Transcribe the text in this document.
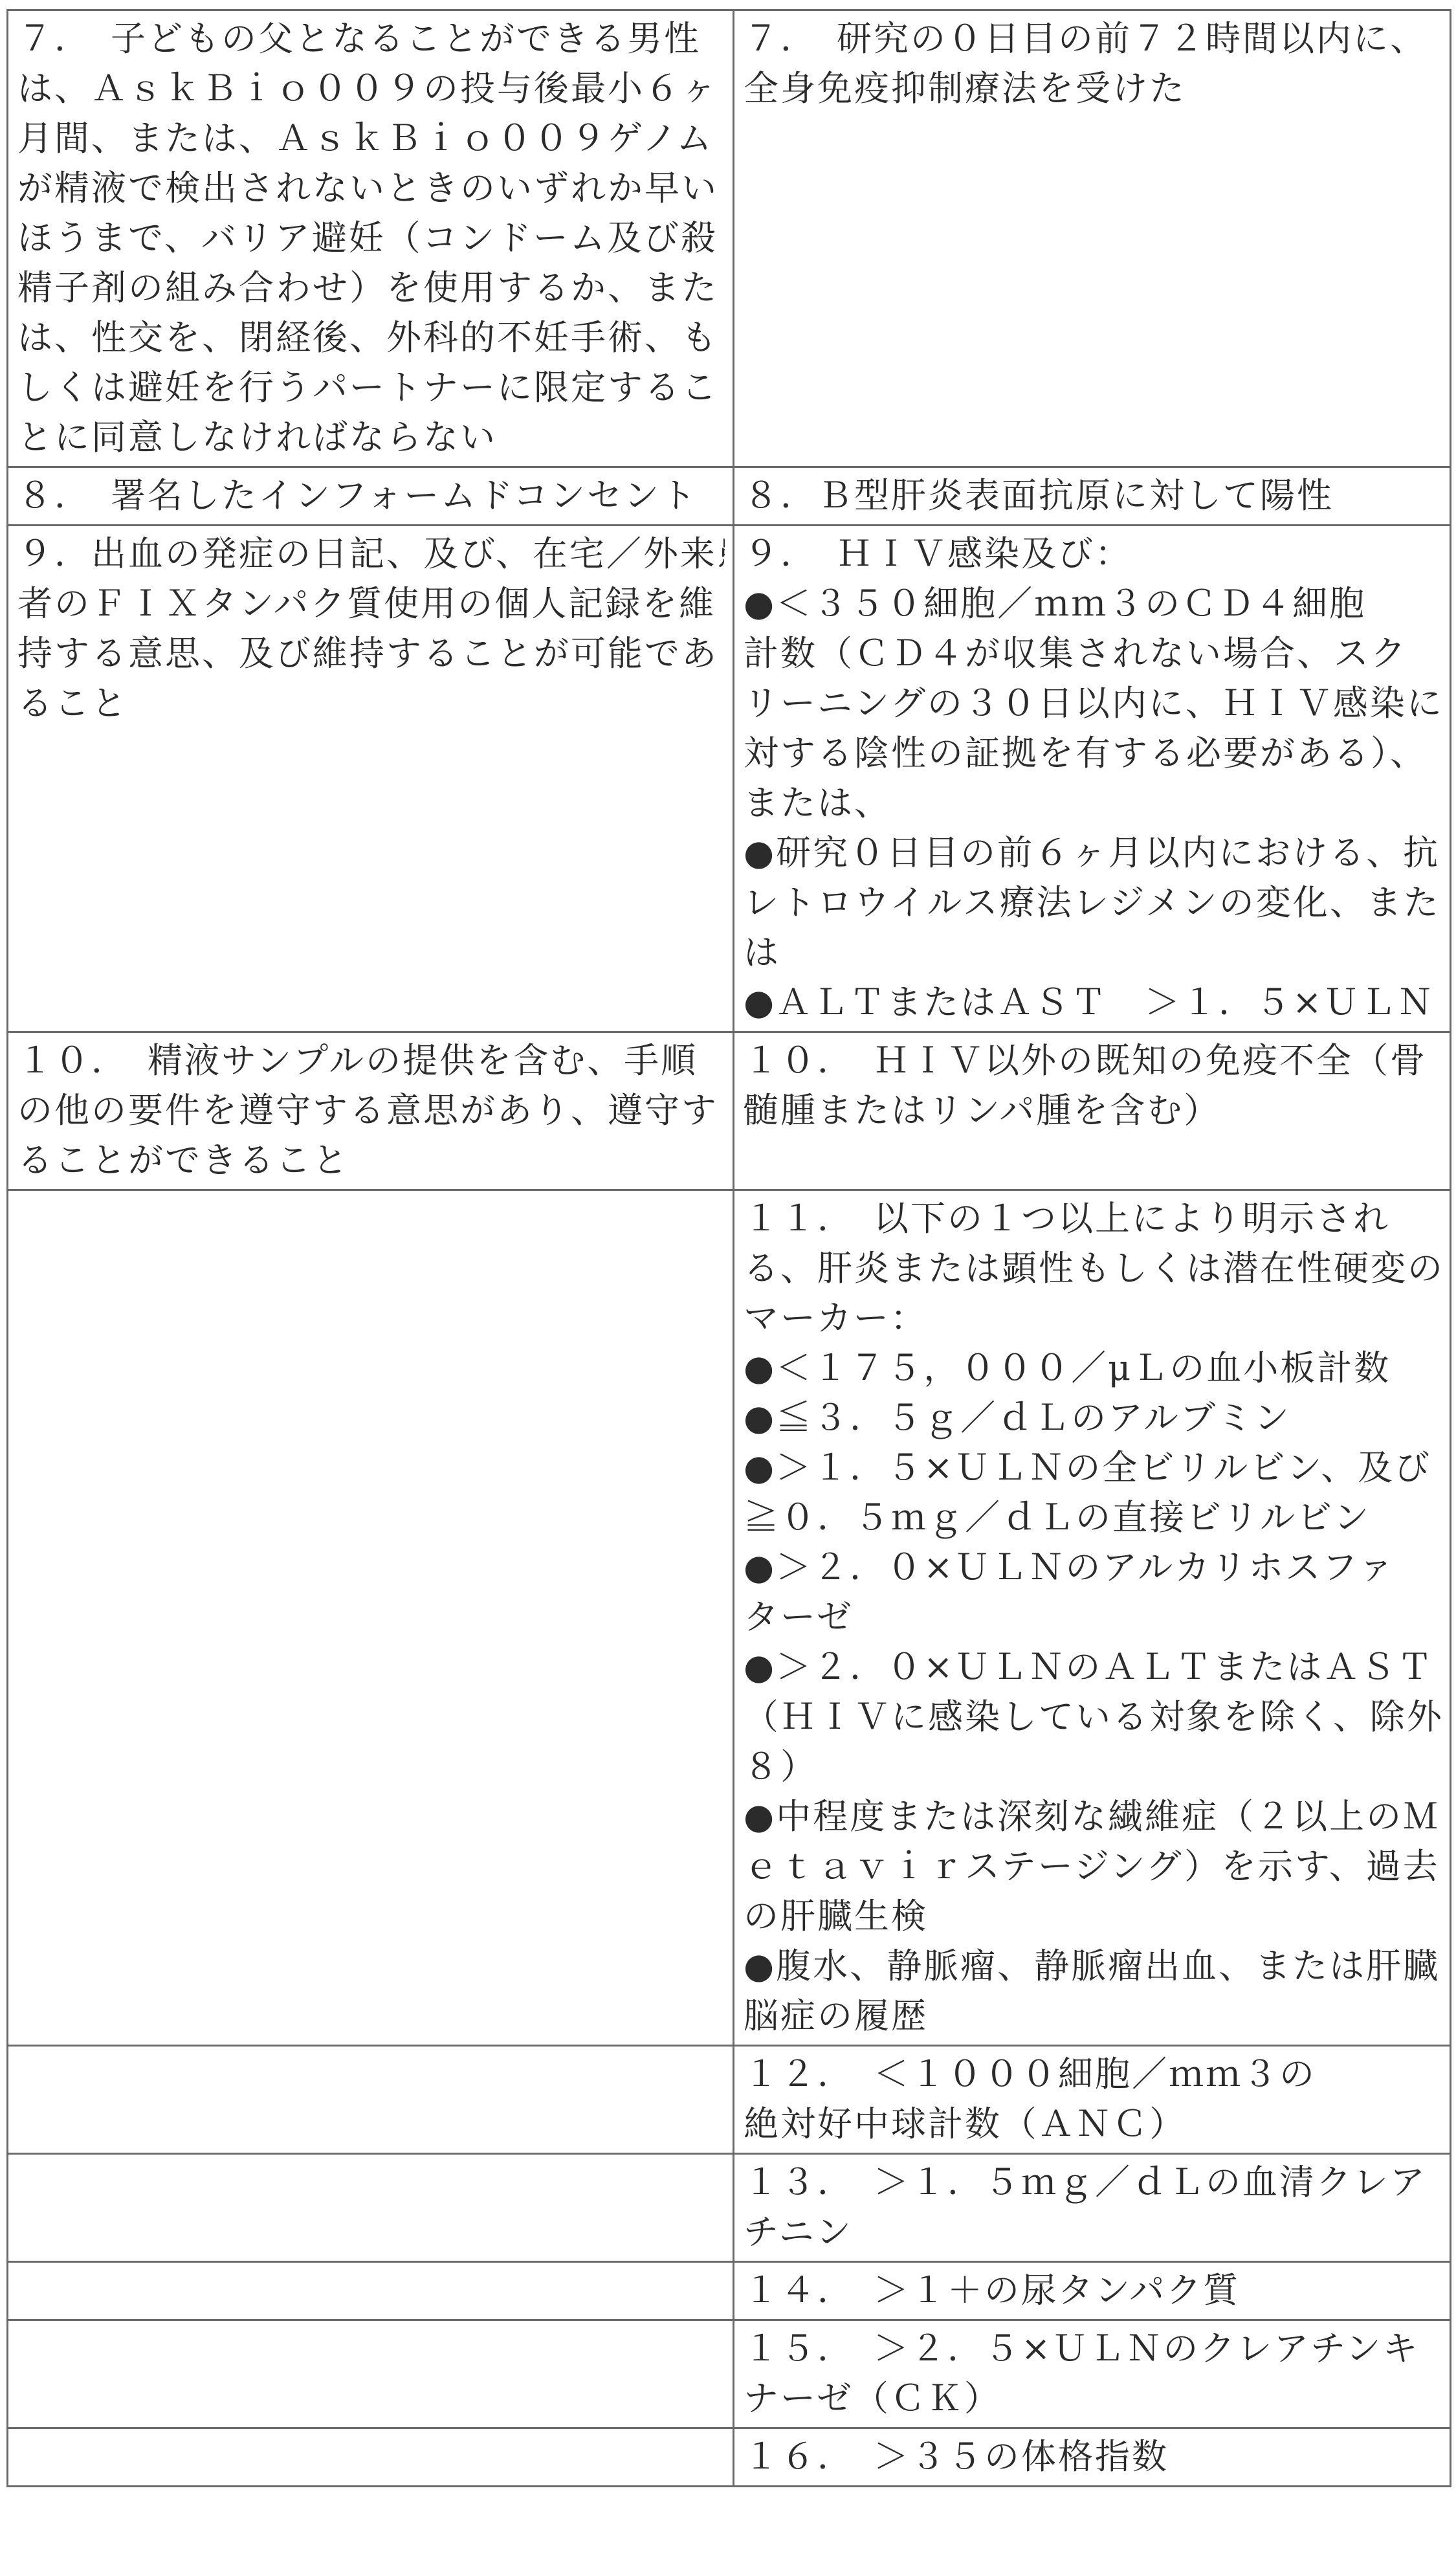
７．　子どもの父となることができる男性
は、ＡｓｋＢｉｏ００９の投与後最小６ヶ
月間、または、ＡｓｋＢｉｏ００９ゲノム
が精液で検出されないときのいずれか早い
ほうまで、バリア避妊（コンドーム及び殺
精子剤の組み合わせ）を使用するか、また
は、性交を、閉経後、外科的不妊手術、も
しくは避妊を行うパートナーに限定するこ
とに同意しなければならない

７．　研究の０日目の前７２時間以内に、
全身免疫抑制療法を受けた

８．　署名したインフォームドコンセント	８．Ｂ型肝炎表面抗原に対して陽性

９．出血の発症の日記、及び、在宅／外来患
者のＦＩＸタンパク質使用の個人記録を維
持する意思、及び維持することが可能であ
ること

９．　ＨＩＶ感染及び：
●＜３５０細胞／ｍｍ３のＣＤ４細胞
計数（ＣＤ４が収集されない場合、スク
リーニングの３０日以内に、ＨＩＶ感染に
対する陰性の証拠を有する必要がある）、
または、
●研究０日目の前６ヶ月以内における、抗
レトロウイルス療法レジメンの変化、また
は
●ＡＬＴまたはＡＳＴ　＞１．５×ＵＬＮ

１０．　精液サンプルの提供を含む、手順
の他の要件を遵守する意思があり、遵守す
ることができること

１０．　ＨＩＶ以外の既知の免疫不全（骨
髄腫またはリンパ腫を含む）

１１．　以下の１つ以上により明示され
る、肝炎または顕性もしくは潜在性硬変の
マーカー：
●＜１７５，０００／μＬの血小板計数
●≦３．５ｇ／ｄＬのアルブミン
●＞１．５×ＵＬＮの全ビリルビン、及び
≧０．５ｍｇ／ｄＬの直接ビリルビン
●＞２．０×ＵＬＮのアルカリホスファ
ターゼ
●＞２．０×ＵＬＮのＡＬＴまたはＡＳＴ
（ＨＩＶに感染している対象を除く、除外
８）
●中程度または深刻な繊維症（２以上のＭ
ｅｔａｖｉｒステージング）を示す、過去
の肝臓生検
●腹水、静脈瘤、静脈瘤出血、または肝臓
脳症の履歴

１２．　＜１０００細胞／ｍｍ３の
絶対好中球計数（ＡＮＣ）

１３．　＞１．５ｍｇ／ｄＬの血清クレア
チニン

１４．　＞１＋の尿タンパク質

１５．　＞２．５×ＵＬＮのクレアチンキ
ナーゼ（ＣＫ）

１６．　＞３５の体格指数
